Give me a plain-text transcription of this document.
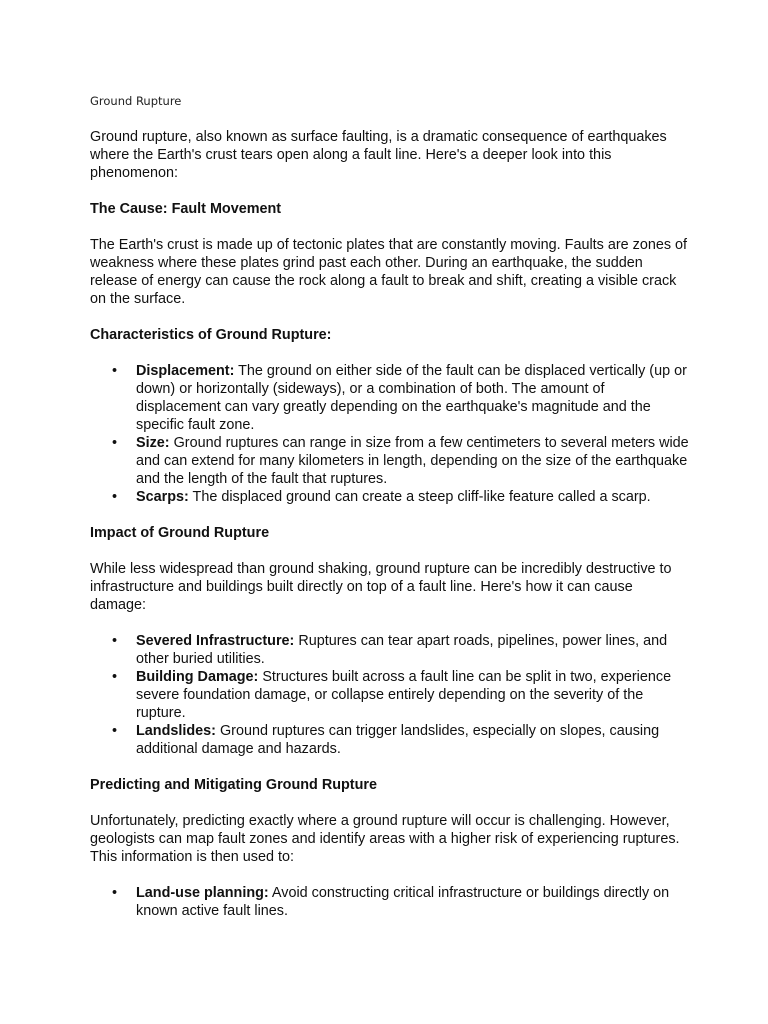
Ground Rupture

Ground rupture, also known as surface faulting, is a dramatic consequence of earthquakes where the Earth's crust tears open along a fault line. Here's a deeper look into this phenomenon:

The Cause: Fault Movement

The Earth's crust is made up of tectonic plates that are constantly moving. Faults are zones of weakness where these plates grind past each other. During an earthquake, the sudden release of energy can cause the rock along a fault to break and shift, creating a visible crack on the surface.

Characteristics of Ground Rupture:
• Displacement: The ground on either side of the fault can be displaced vertically (up or down) or horizontally (sideways), or a combination of both. The amount of displacement can vary greatly depending on the earthquake's magnitude and the specific fault zone.
• Size: Ground ruptures can range in size from a few centimeters to several meters wide and can extend for many kilometers in length, depending on the size of the earthquake and the length of the fault that ruptures.
• Scarps: The displaced ground can create a steep cliff-like feature called a scarp.
Impact of Ground Rupture

While less widespread than ground shaking, ground rupture can be incredibly destructive to infrastructure and buildings built directly on top of a fault line. Here's how it can cause damage:

• Severed Infrastructure: Ruptures can tear apart roads, pipelines, power lines, and other buried utilities.
• Building Damage: Structures built across a fault line can be split in two, experience severe foundation damage, or collapse entirely depending on the severity of the rupture.
• Landslides: Ground ruptures can trigger landslides, especially on slopes, causing additional damage and hazards.
Predicting and Mitigating Ground Rupture

Unfortunately, predicting exactly where a ground rupture will occur is challenging. However, geologists can map fault zones and identify areas with a higher risk of experiencing ruptures. This information is then used to:

• Land-use planning: Avoid constructing critical infrastructure or buildings directly on known active fault lines.
